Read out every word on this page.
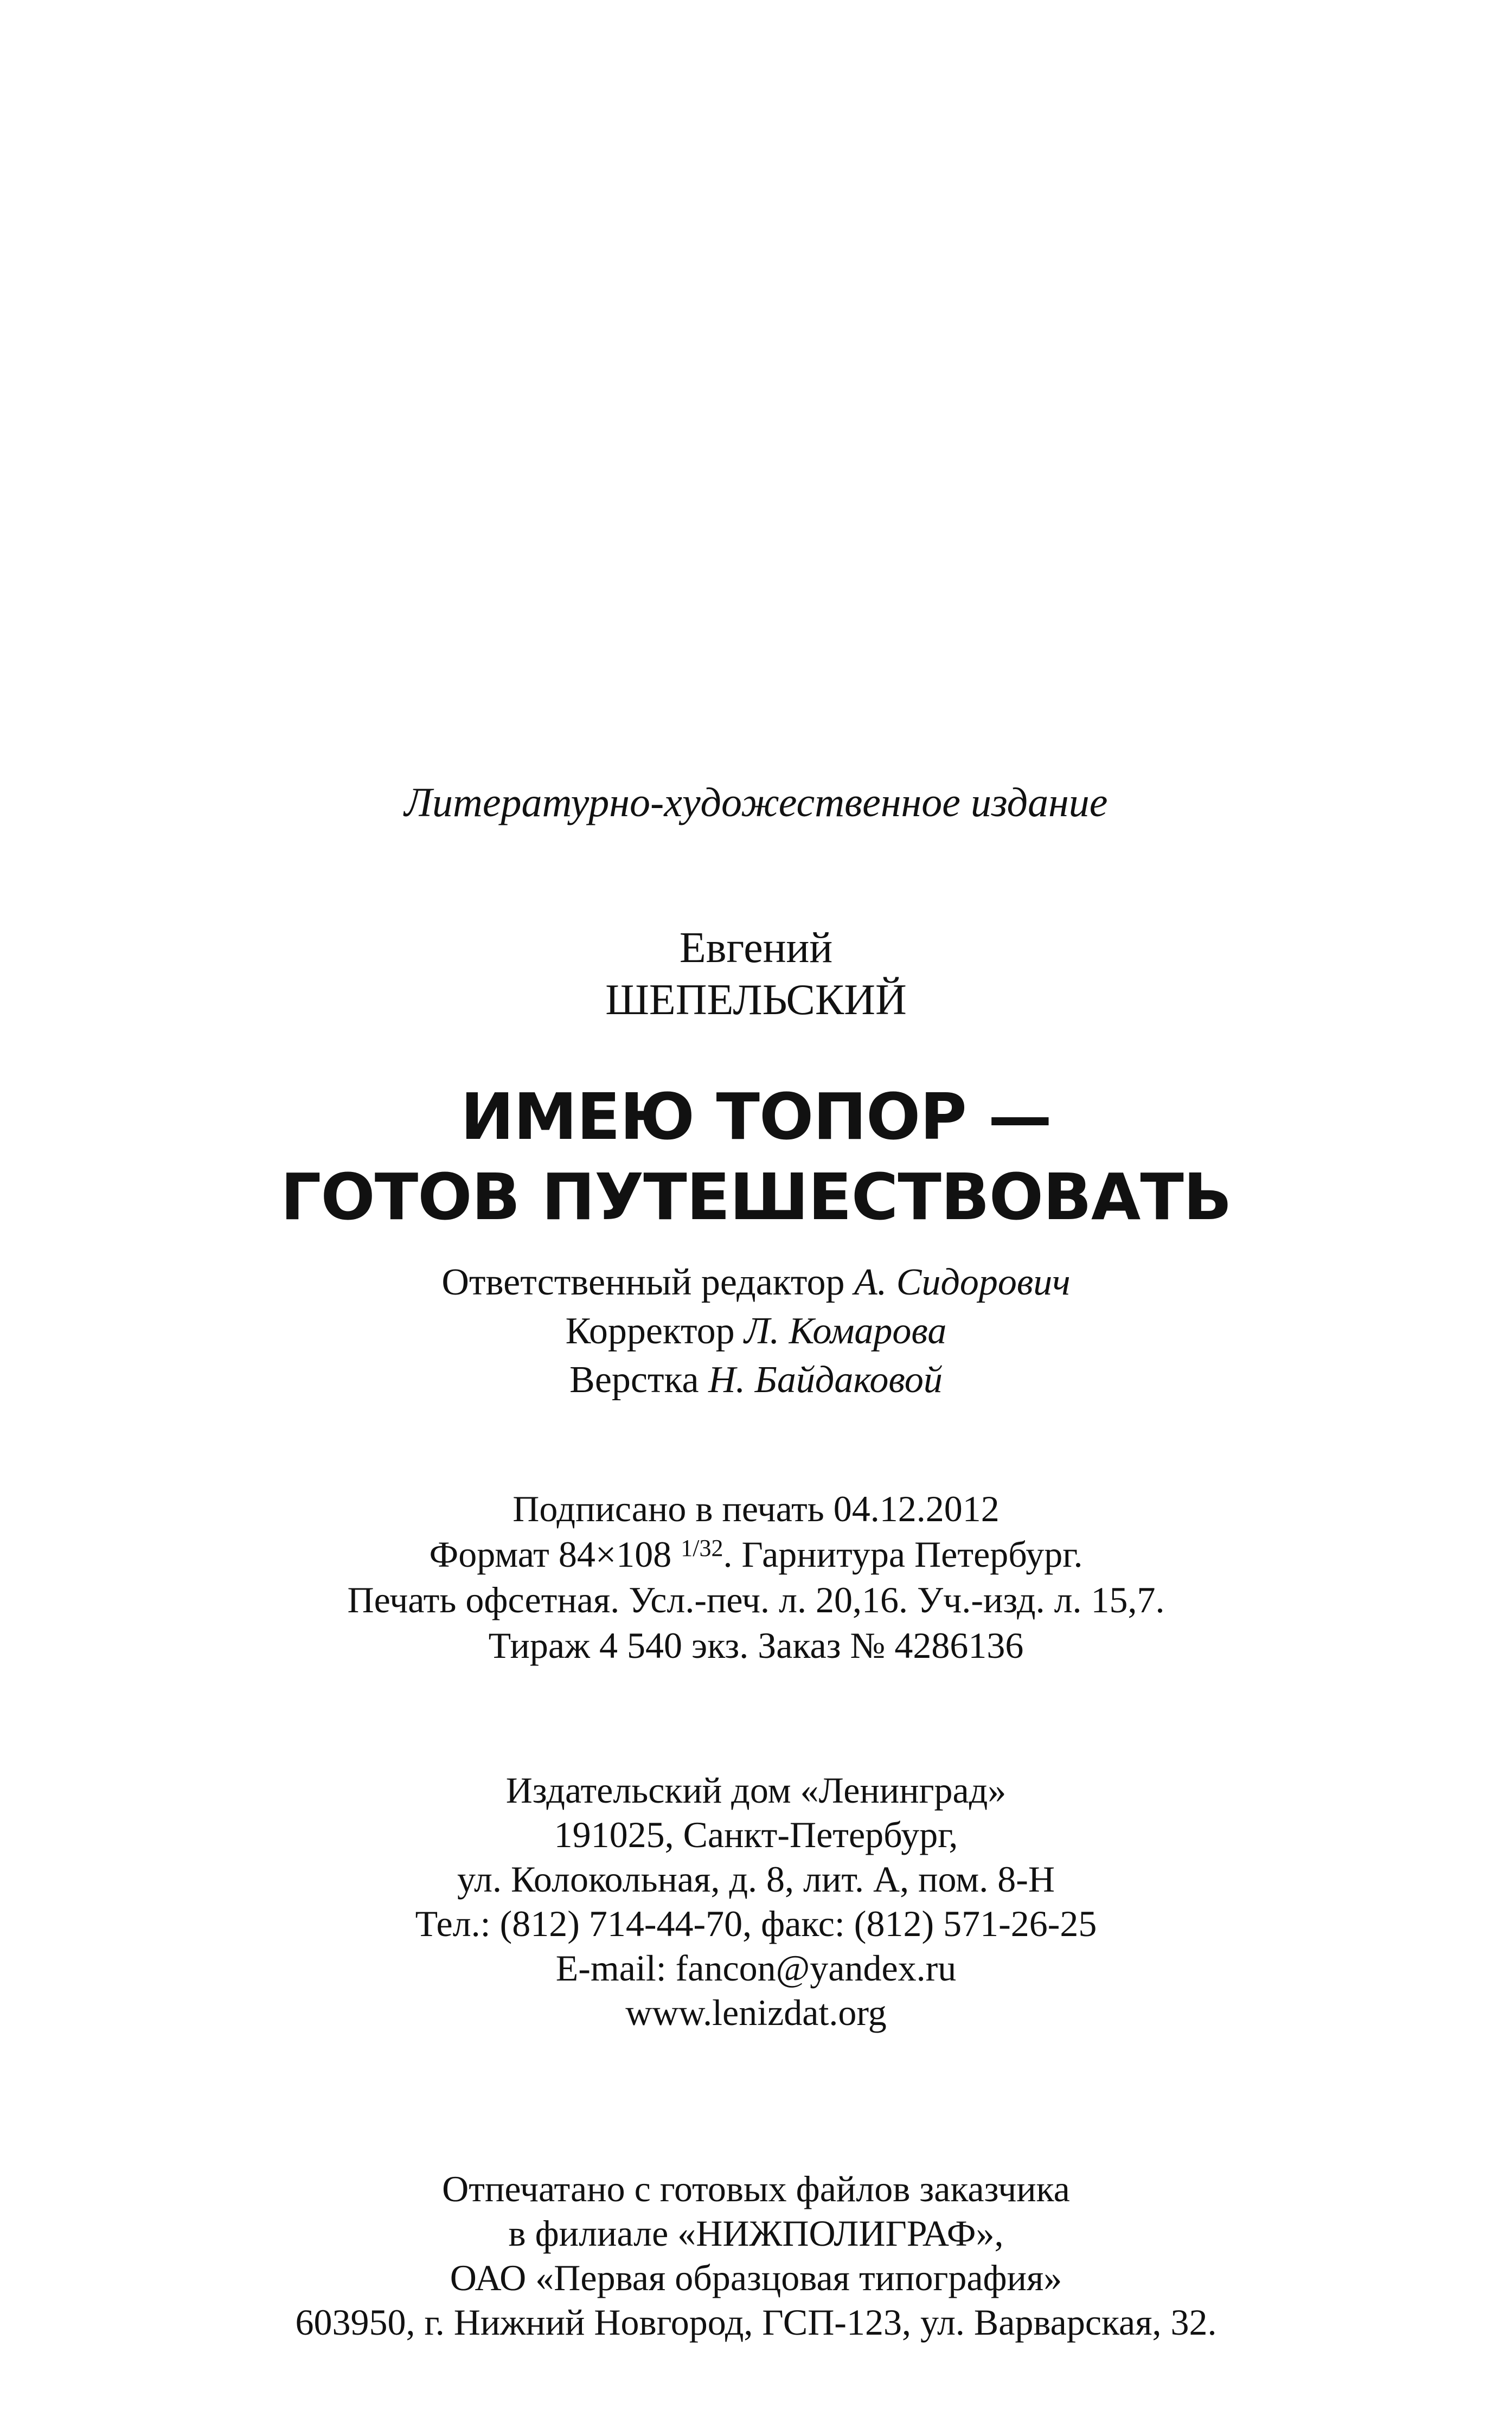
Литературно-художественное издание
Евгений
ШЕПЕЛЬСКИЙ
ИМЕЮ ТОПОР —
ГОТОВ ПУТЕШЕСТВОВАТЬ
Ответственный редактор А. Сидорович
Корректор Л. Комарова
Верстка Н. Байдаковой
Подписано в печать 04.12.2012
Формат 84×108 $^{1/32}$. Гарнитура Петербург.
Печать офсетная. Усл.-печ. л. 20,16. Уч.-изд. л. 15,7.
Тираж 4 540 экз. Заказ № 4286136
Издательский дом «Ленинград»
191025, Санкт-Петербург,
ул. Колокольная, д. 8, лит. А, пом. 8-Н
Тел.: (812) 714-44-70, факс: (812) 571-26-25
E-mail: fancon@yandex.ru
www.lenizdat.org
Отпечатано с готовых файлов заказчика
в филиале «НИЖПОЛИГРАФ»,
ОАО «Первая образцовая типография»
603950, г. Нижний Новгород, ГСП-123, ул. Варварская, 32.
